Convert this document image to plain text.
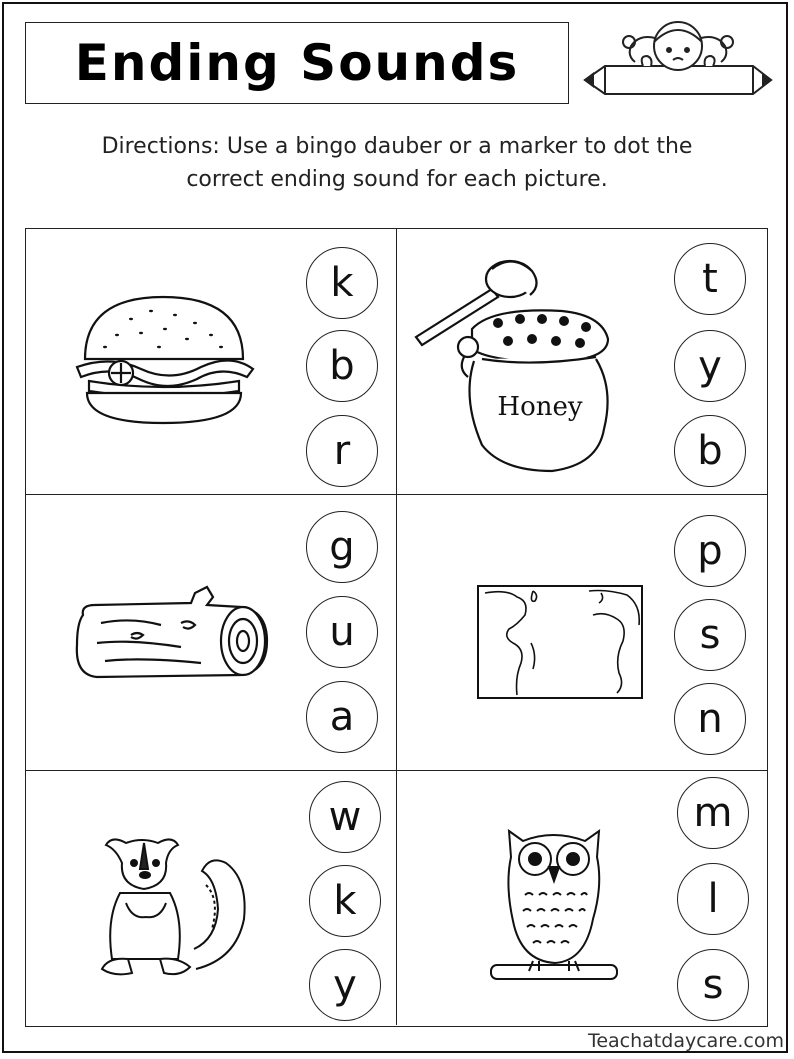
Ending Sounds
Directions: Use a bingo dauber or a marker to dot the
correct ending sound for each picture.
k
b
r
Honey
t
y
b
g
u
a
p
s
n
w
k
y
m
l
s
Teachatdaycare.com
